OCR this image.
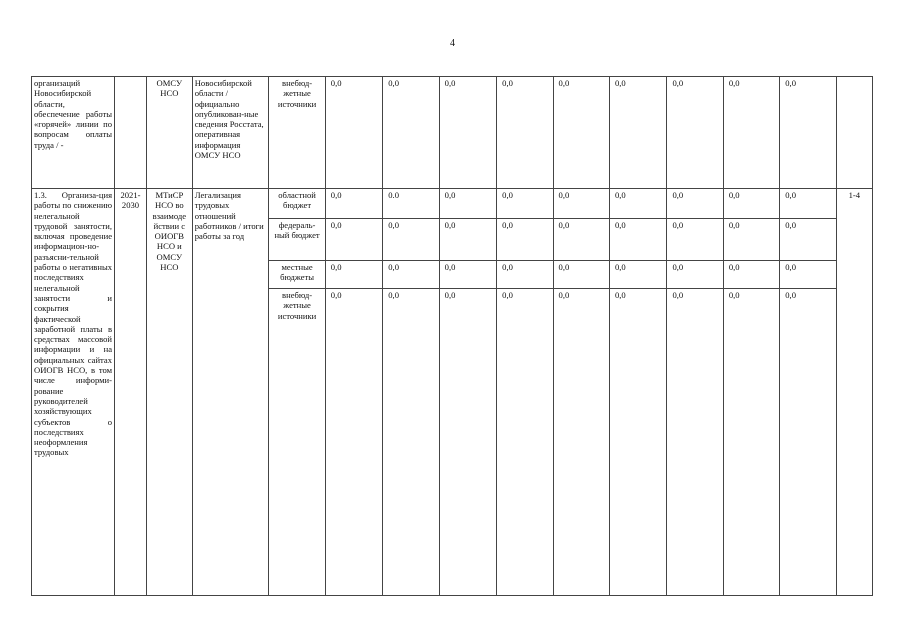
4
организаций Новосибирской области, обеспечение работы «горячей» линии по вопросам оплаты труда / -		ОМСУ НСО	Новосибирской области / официально опубликован-ные сведения Росстата, оперативная информация ОМСУ НСО	внебюд-жетные источники	0,0	0,0	0,0	0,0	0,0	0,0	0,0	0,0	0,0	
1.3. Организа-ция работы по снижению нелегальной трудовой занятости, включая проведение информацион-но-разъясни-тельной работы о негативных последствиях нелегальной занятости и сокрытия фактической заработной платы в средствах массовой информации и на официальных сайтах ОИОГВ НСО, в том числе информи-рование руководителей хозяйствующих субъектов о последствиях неоформления трудовых	2021-2030	МТиСР НСО во взаимоде йствии с ОИОГВ НСО и ОМСУ НСО	Легализация трудовых отношений работников / итоги работы за год	областной бюджет	0,0	0.0	0,0	0,0	0,0	0,0	0,0	0,0	0,0	1-4
				федераль-ный бюджет	0,0	0,0	0,0	0,0	0,0	0,0	0,0	0,0	0,0	
				местные бюджеты	0,0	0,0	0,0	0,0	0,0	0,0	0,0	0,0	0,0	
				внебюд-жетные источники	0,0	0,0	0,0	0,0	0,0	0,0	0,0	0,0	0,0	
